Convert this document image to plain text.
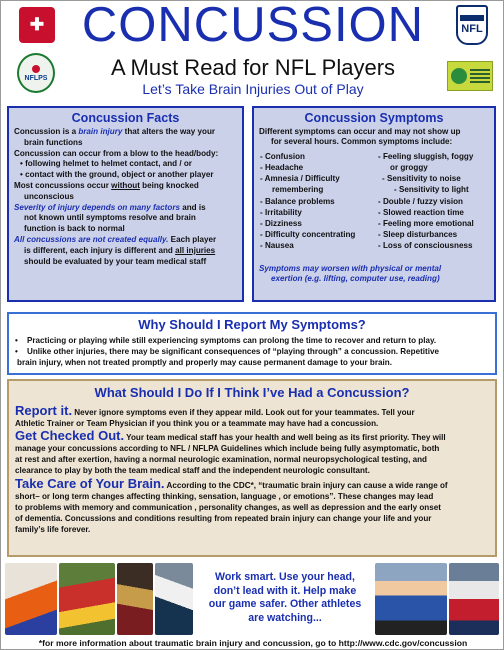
✚
NFLPS
NFL
CONCUSSION
A Must Read for NFL Players
Let’s Take Brain Injuries Out of Play
Concussion Facts
Concussion is a brain injury that alters the way your
brain functions
Concussion can occur from a blow to the head/body:
• following helmet to helmet contact, and / or
• contact with the ground, object or another player
Most concussions occur without being knocked
unconscious
Severity of injury depends on many factors and is
not known until symptoms resolve and brain
function is back to normal
All concussions are not created equally. Each player
is different, each injury is different and all injuries
should be evaluated by your team medical staff
Concussion Symptoms
Different symptoms can occur and may not show up
for several hours. Common symptoms include:
- Confusion
- Headache
- Amnesia / Difficulty
remembering
- Balance problems
- Irritability
- Dizziness
- Difficulty concentrating
- Nausea
- Feeling sluggish, foggy
or groggy
- Sensitivity to noise
- Sensitivity to light
- Double / fuzzy vision
- Slowed reaction time
- Feeling more emotional
- Sleep disturbances
- Loss of consciousness
Symptoms may worsen with physical or mental
exertion (e.g. lifting, computer use, reading)
Why Should I Report My Symptoms?
• Practicing or playing while still experiencing symptoms can prolong the time to recover and return to play.
• Unlike other injuries, there may be significant consequences of “playing through” a concussion. Repetitive
brain injury, when not treated promptly and properly may cause permanent damage to your brain.
What Should I Do If I Think I’ve Had a Concussion?
Report it. Never ignore symptoms even if they appear mild. Look out for your teammates. Tell your
Athletic Trainer or Team Physician if you think you or a teammate may have had a concussion.
Get Checked Out. Your team medical staff has your health and well being as its first priority. They will
manage your concussions according to NFL / NFLPA Guidelines which include being fully asymptomatic, both
at rest and after exertion, having a normal neurologic examination, normal neuropsychological testing, and
clearance to play by both the team medical staff and the independent neurologic consultant.
Take Care of Your Brain. According to the CDC*, “traumatic brain injury can cause a wide range of
short– or long term changes affecting thinking, sensation, language , or emotions”. These changes may lead
to problems with memory and communication , personality changes, as well as depression and the early onset
of dementia. Concussions and conditions resulting from repeated brain injury can change your life and your
family’s life forever.
Work smart. Use your head,
don’t lead with it. Help make
our game safer. Other athletes
are watching...
*for more information about traumatic brain injury and concussion, go to http://www.cdc.gov/concussion
